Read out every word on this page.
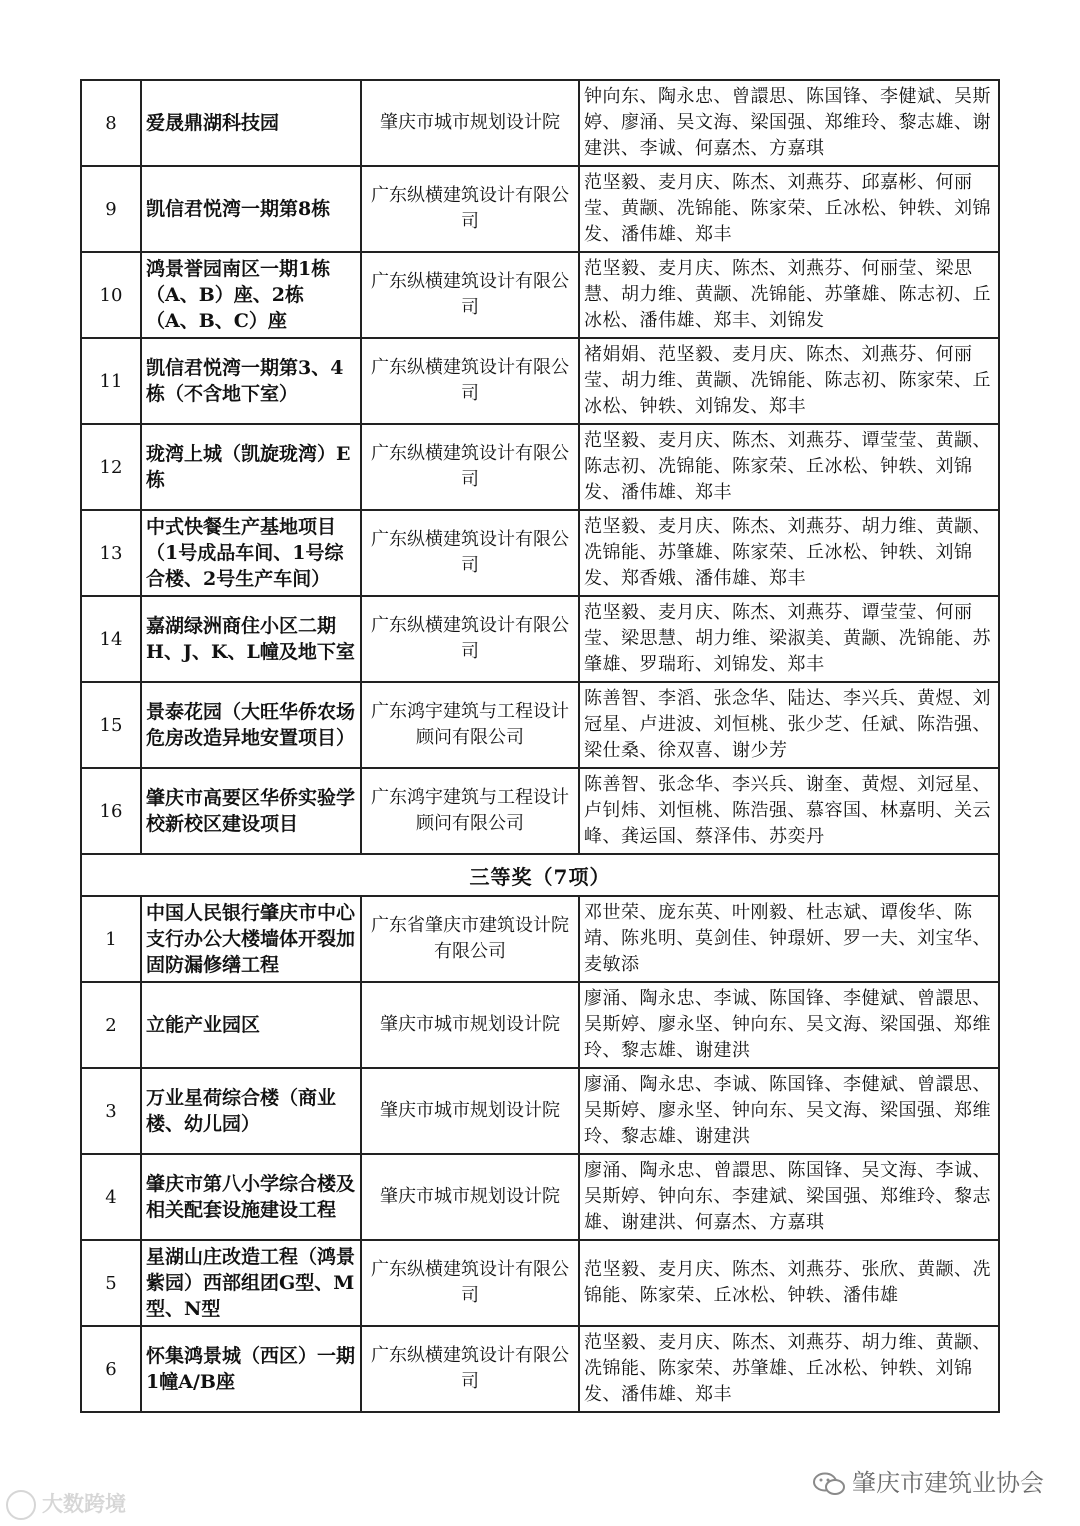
8	爱晟鼎湖科技园	肇庆市城市规划设计院	钟向东、陶永忠、曾譞思、陈国锋、李健斌、吴斯婷、廖涌、吴文海、梁国强、郑维玲、黎志雄、谢建洪、李诚、何嘉杰、方嘉琪
9	凯信君悦湾一期第8栋	广东纵横建筑设计有限公司	范坚毅、麦月庆、陈杰、刘燕芬、邱嘉彬、何丽莹、黄颛、冼锦能、陈家荣、丘冰松、钟轶、刘锦发、潘伟雄、郑丰
10	鸿景誉园南区一期1栋（A、B）座、2栋（A、B、C）座	广东纵横建筑设计有限公司	范坚毅、麦月庆、陈杰、刘燕芬、何丽莹、梁思慧、胡力维、黄颛、冼锦能、苏肇雄、陈志初、丘冰松、潘伟雄、郑丰、刘锦发
11	凯信君悦湾一期第3、4栋（不含地下室）	广东纵横建筑设计有限公司	褚娟娟、范坚毅、麦月庆、陈杰、刘燕芬、何丽莹、胡力维、黄颛、冼锦能、陈志初、陈家荣、丘冰松、钟轶、刘锦发、郑丰
12	珑湾上城（凯旋珑湾）E栋	广东纵横建筑设计有限公司	范坚毅、麦月庆、陈杰、刘燕芬、谭莹莹、黄颛、陈志初、冼锦能、陈家荣、丘冰松、钟轶、刘锦发、潘伟雄、郑丰
13	中式快餐生产基地项目（1号成品车间、1号综合楼、2号生产车间）	广东纵横建筑设计有限公司	范坚毅、麦月庆、陈杰、刘燕芬、胡力维、黄颛、冼锦能、苏肇雄、陈家荣、丘冰松、钟轶、刘锦发、郑香娥、潘伟雄、郑丰
14	嘉湖绿洲商住小区二期H、J、K、L幢及地下室	广东纵横建筑设计有限公司	范坚毅、麦月庆、陈杰、刘燕芬、谭莹莹、何丽莹、梁思慧、胡力维、梁淑美、黄颛、冼锦能、苏肇雄、罗瑞珩、刘锦发、郑丰
15	景泰花园（大旺华侨农场危房改造异地安置项目）	广东鸿宇建筑与工程设计顾问有限公司	陈善智、李滔、张念华、陆达、李兴兵、黄煜、刘冠星、卢进波、刘恒桃、张少芝、任斌、陈浩强、梁仕桑、徐双喜、谢少芳
16	肇庆市高要区华侨实验学校新校区建设项目	广东鸿宇建筑与工程设计顾问有限公司	陈善智、张念华、李兴兵、谢奎、黄煜、刘冠星、卢钊炜、刘恒桃、陈浩强、慕容国、林嘉明、关云峰、龚运国、蔡泽伟、苏奕丹
三等奖（7项）			
1	中国人民银行肇庆市中心支行办公大楼墙体开裂加固防漏修缮工程	广东省肇庆市建筑设计院有限公司	邓世荣、庞东英、叶刚毅、杜志斌、谭俊华、陈靖、陈兆明、莫剑佳、钟璟妍、罗一夫、刘宝华、麦敏添
2	立能产业园区	肇庆市城市规划设计院	廖涌、陶永忠、李诚、陈国锋、李健斌、曾譞思、吴斯婷、廖永坚、钟向东、吴文海、梁国强、郑维玲、黎志雄、谢建洪
3	万业星荷综合楼（商业楼、幼儿园）	肇庆市城市规划设计院	廖涌、陶永忠、李诚、陈国锋、李健斌、曾譞思、吴斯婷、廖永坚、钟向东、吴文海、梁国强、郑维玲、黎志雄、谢建洪
4	肇庆市第八小学综合楼及相关配套设施建设工程	肇庆市城市规划设计院	廖涌、陶永忠、曾譞思、陈国锋、吴文海、李诚、吴斯婷、钟向东、李建斌、梁国强、郑维玲、黎志雄、谢建洪、何嘉杰、方嘉琪
5	星湖山庄改造工程（鸿景紫园）西部组团G型、M型、N型	广东纵横建筑设计有限公司	范坚毅、麦月庆、陈杰、刘燕芬、张欣、黄颛、冼锦能、陈家荣、丘冰松、钟轶、潘伟雄
6	怀集鸿景城（西区）一期1幢A/B座	广东纵横建筑设计有限公司	范坚毅、麦月庆、陈杰、刘燕芬、胡力维、黄颛、冼锦能、陈家荣、苏肇雄、丘冰松、钟轶、刘锦发、潘伟雄、郑丰
大数跨境
肇庆市建筑业协会
